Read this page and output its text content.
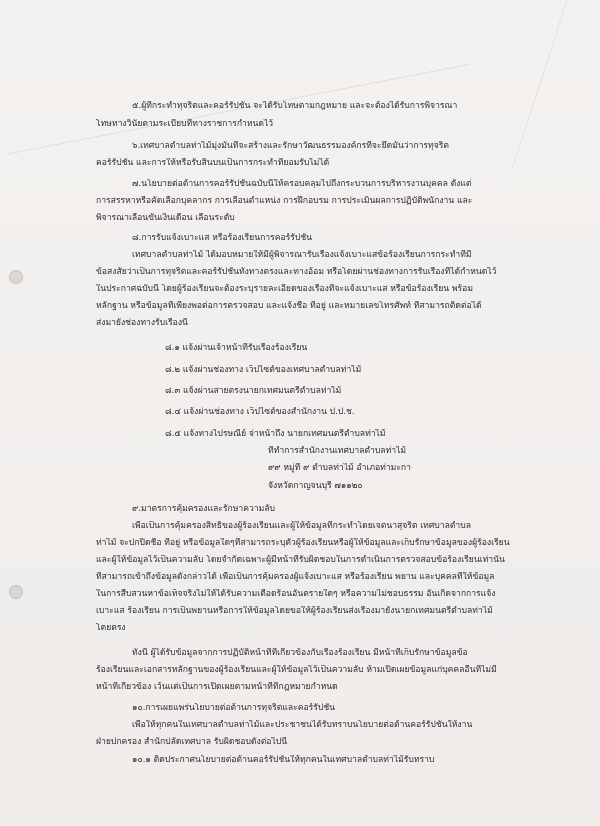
๕.ผู้ที่กระทำทุจริตและคอร์รัปชั่น จะได้รับโทษตามกฎหมาย และจะต้องได้รับการพิจารณา
โทษทางวินัยตามระเบียบที่ทางราชการกำหนดไว้
๖.เทศบาลตำบลท่าไม้มุ่งมั่นที่จะสร้างและรักษาวัฒนธรรมองค์กรที่จะยึดมั่นว่าการทุจริต
คอร์รัปชั่น และการให้หรือรับสินบนเป็นการกระทำที่ยอมรับไม่ได้
๗.นโยบายต่อต้านการคอร์รัปชั่นฉบับนี้ให้ครอบคลุมไปถึงกระบวนการบริหารงานบุคคล ตั้งแต่
การสรรหาหรือคัดเลือกบุคลากร การเลื่อนตำแหน่ง การฝึกอบรม การประเมินผลการปฏิบัติพนักงาน และ
พิจารณาเลื่อนขั้นเงินเดือน เลื่อนระดับ
๘.การรับแจ้งเบาะแส หรือร้องเรียนการคอร์รัปชั่น
เทศบาลตำบลท่าไม้ ได้มอบหมายให้มีผู้พิจารณารับเรื่องแจ้งเบาะแสข้อร้องเรียนการกระทำที่มี
ข้อสงสัยว่าเป็นการทุจริตและคอร์รัปชั่นทั้งทางตรงและทางอ้อม หรือโดยผ่านช่องทางการรับเรื่องที่ได้กำหนดไว้
ในประกาศฉบับนี้ โดยผู้ร้องเรียนจะต้องระบุรายละเอียดของเรื่องที่จะแจ้งเบาะแส หรือข้อร้องเรียน พร้อม
หลักฐาน หรือข้อมูลที่เพียงพอต่อการตรวจสอบ และแจ้งชื่อ ที่อยู่ และหมายเลขโทรศัพท์ ที่สามารถติดต่อได้
ส่งมายังช่องทางรับเรื่องนี้
๘.๑ แจ้งผ่านเจ้าหน้าที่รับเรื่องร้องเรียน
๘.๒ แจ้งผ่านช่องทาง เว็ปไซต์ของเทศบาลตำบลท่าไม้
๘.๓ แจ้งผ่านสายตรงนายกเทศมนตรีตำบลท่าไม้
๘.๔ แจ้งผ่านช่องทาง เว็ปไซต์ของสำนักงาน ป.ป.ช.
๘.๕ แจ้งทางไปรษณีย์ จ่าหน้าถึง นายกเทศมนตรีตำบลท่าไม้
ที่ทำการสำนักงานเทศบาลตำบลท่าไม้
๙๙ หมู่ที่ ๙ ตำบลท่าไม้ อำเภอท่ามะกา
จังหวัดกาญจนบุรี ๗๑๑๒๐
๙.มาตรการคุ้มครองและรักษาความลับ
เพื่อเป็นการคุ้มครองสิทธิของผู้ร้องเรียนและผู้ให้ข้อมูลที่กระทำโดยเจตนาสุจริต เทศบาลตำบล
ท่าไม้ จะปกปิดชื่อ ที่อยู่ หรือข้อมูลใดๆที่สามารถระบุตัวผู้ร้องเรียนหรือผู้ให้ข้อมูลและเก็บรักษาข้อมูลของผู้ร้องเรียน
และผู้ให้ข้อมูลไว้เป็นความลับ โดยจำกัดเฉพาะผู้มีหน้าที่รับผิดชอบในการดำเนินการตรวจสอบข้อร้องเรียนเท่านั้น
ที่สามารถเข้าถึงข้อมูลดังกล่าวได้ เพื่อเป็นการคุ้มครองผู้แจ้งเบาะแส หรือร้องเรียน พยาน และบุคคลที่ให้ข้อมูล
ในการสืบสวนหาข้อเท็จจริงไม่ให้ได้รับความเดือดร้อนอันตรายใดๆ หรือความไม่ชอบธรรม อันเกิดจากการแจ้ง
เบาะแส ร้องเรียน การเป็นพยานหรือการให้ข้อมูลโดยขอให้ผู้ร้องเรียนส่งเรื่องมายังนายกเทศมนตรีตำบลท่าไม้
โดยตรง
ทั้งนี้ ผู้ได้รับข้อมูลจากการปฏิบัติหน้าที่ที่เกี่ยวข้องกับเรื่องร้องเรียน มีหน้าที่เก็บรักษาข้อมูลข้อ
ร้องเรียนและเอกสารหลักฐานของผู้ร้องเรียนและผู้ให้ข้อมูลไว้เป็นความลับ ห้ามเปิดเผยข้อมูลแก่บุคคลอื่นที่ไม่มี
หน้าที่เกี่ยวข้อง เว้นแต่เป็นการเปิดเผยตามหน้าที่ที่กฎหมายกำหนด
๑๐.การเผยแพร่นโยบายต่อต้านการทุจริตและคอร์รัปชั่น
เพื่อให้ทุกคนในเทศบาลตำบลท่าไม้และประชาชนได้รับทราบนโยบายต่อต้านคอร์รัปชั่นให้งาน
ฝ่ายปกครอง สำนักปลัดเทศบาล รับผิดชอบดังต่อไปนี้
๑๐.๑ ติดประกาศนโยบายต่อต้านคอร์รัปชั่นให้ทุกคนในเทศบาลตำบลท่าไม้รับทราบ
